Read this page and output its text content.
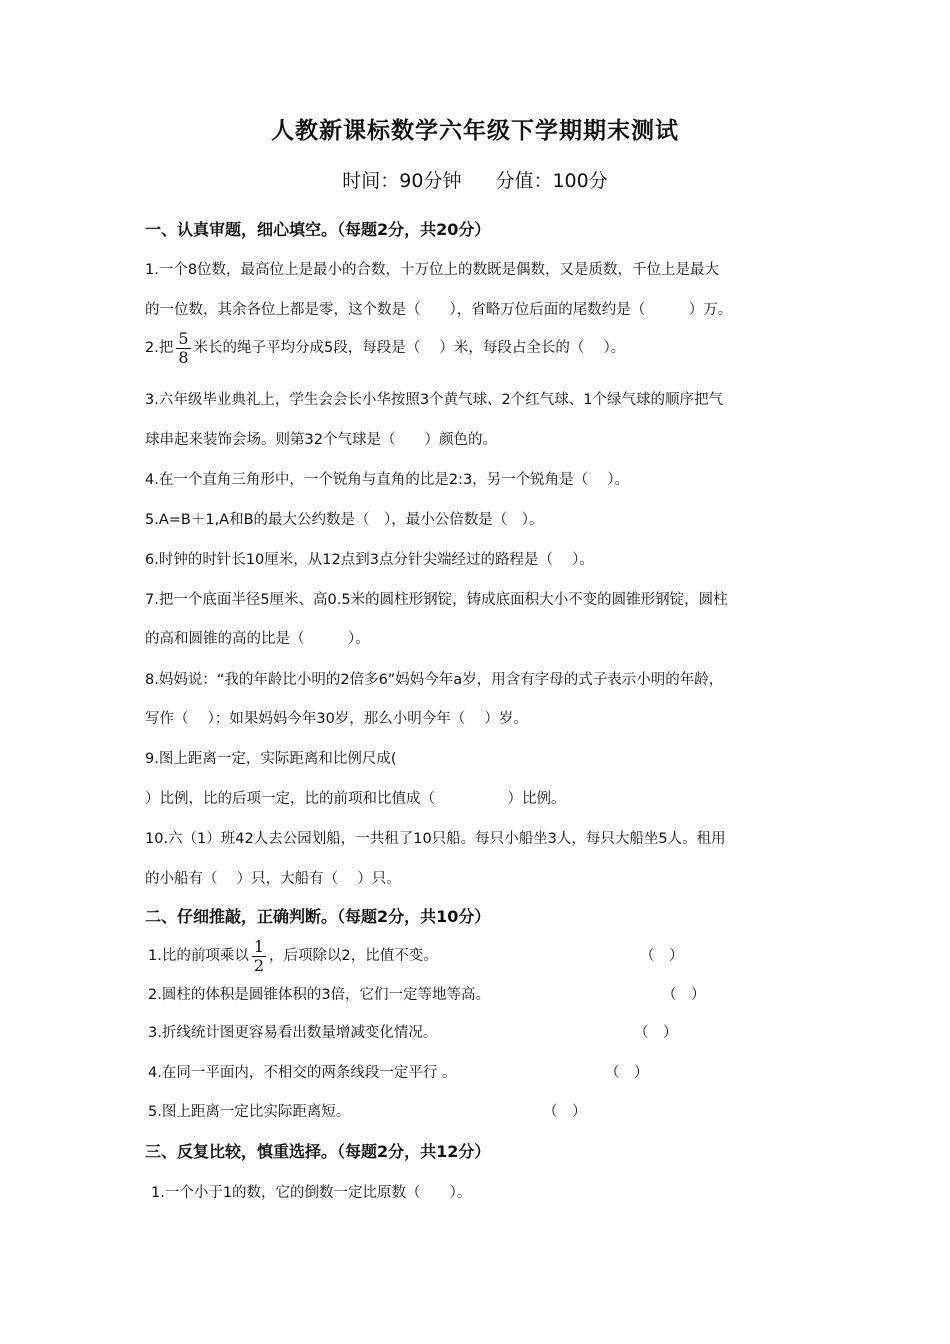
人教新课标数学六年级下学期期末测试
时间：90分钟 分值：100分
一、认真审题，细心填空。（每题2分，共20分）
1.一个8位数，最高位上是最小的合数，十万位上的数既是偶数，又是质数，千位上是最大
的一位数，其余各位上都是零，这个数是（　　），省略万位后面的尾数约是（　　　）万。
2.把 $\frac{5}{8}$ 米长的绳子平均分成5段，每段是（　 ）米，每段占全长的（　 ）。
3.六年级毕业典礼上，学生会会长小华按照3个黄气球、2个红气球、1个绿气球的顺序把气
球串起来装饰会场。则第32个气球是（　　）颜色的。
4.在一个直角三角形中，一个锐角与直角的比是2:3，另一个锐角是（　 ）。
5.A=B＋1,A和B的最大公约数是（　），最小公倍数是（　）。
6.时钟的时针长10厘米，从12点到3点分针尖端经过的路程是（　 ）。
7.把一个底面半径5厘米、高0.5米的圆柱形钢锭，铸成底面积大小不变的圆锥形钢锭，圆柱
的高和圆锥的高的比是（　　　）。
8.妈妈说：“我的年龄比小明的2倍多6”妈妈今年a岁，用含有字母的式子表示小明的年龄，
写作（　 ）；如果妈妈今年30岁，那么小明今年（　 ）岁。
9.图上距离一定，实际距离和比例尺成(
）比例，比的后项一定，比的前项和比值成（　　　　　）比例。
10.六（1）班42人去公园划船，一共租了10只船。每只小船坐3人，每只大船坐5人。租用
的小船有（　 ）只，大船有（　 ）只。
二、仔细推敲，正确判断。（每题2分，共10分）
1.比的前项乘以 $\frac{1}{2}$ ，后项除以2，比值不变。	（　）
2.圆柱的体积是圆锥体积的3倍，它们一定等地等高。	（　）
3.折线统计图更容易看出数量增减变化情况。	（　）
4.在同一平面内，不相交的两条线段一定平行 。	（　）
5.图上距离一定比实际距离短。	（　）
三、反复比较，慎重选择。（每题2分，共12分）
1.一个小于1的数，它的倒数一定比原数（　　）。
